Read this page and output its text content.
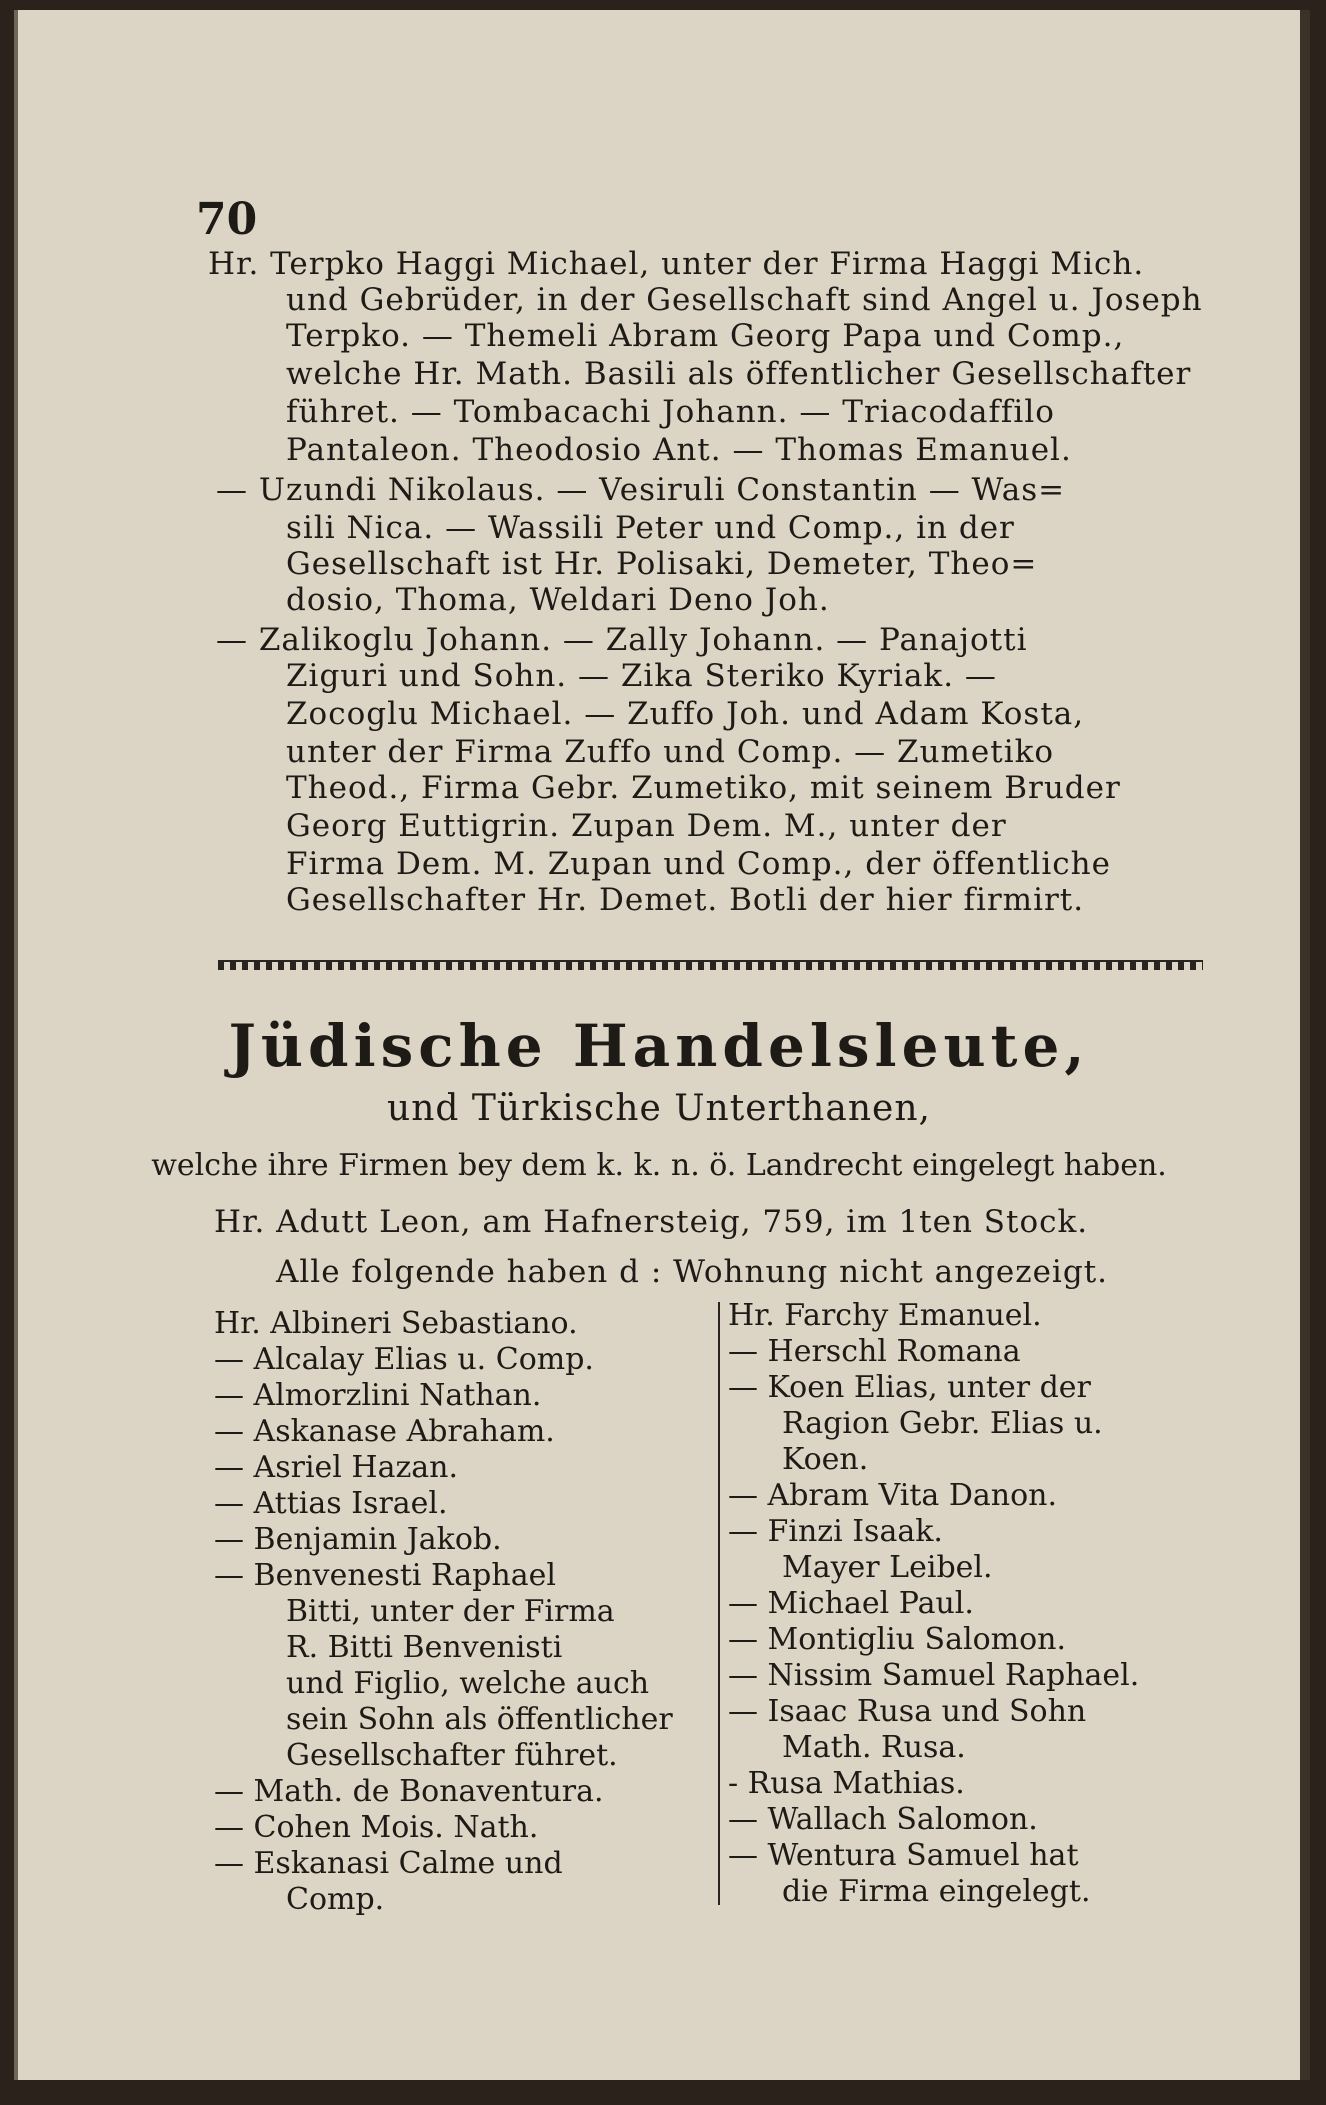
70
Hr. Terpko Haggi Michael, unter der Firma Haggi Mich.
und Gebrüder, in der Gesellschaft sind Angel u. Joseph
Terpko. — Themeli Abram Georg Papa und Comp.,
welche Hr. Math. Basili als öffentlicher Gesellschafter
führet. — Tombacachi Johann. — Triacodaffilo
Pantaleon. Theodosio Ant. — Thomas Emanuel.
— Uzundi Nikolaus. — Vesiruli Constantin — Was=
sili Nica. — Wassili Peter und Comp., in der
Gesellschaft ist Hr. Polisaki, Demeter, Theo=
dosio, Thoma, Weldari Deno Joh.
— Zalikoglu Johann. — Zally Johann. — Panajotti
Ziguri und Sohn. — Zika Steriko Kyriak. —
Zocoglu Michael. — Zuffo Joh. und Adam Kosta,
unter der Firma Zuffo und Comp. — Zumetiko
Theod., Firma Gebr. Zumetiko, mit seinem Bruder
Georg Euttigrin. Zupan Dem. M., unter der
Firma Dem. M. Zupan und Comp., der öffentliche
Gesellschafter Hr. Demet. Botli der hier firmirt.
Jüdische Handelsleute,
und Türkische Unterthanen,
welche ihre Firmen bey dem k. k. n. ö. Landrecht eingelegt haben.
Hr. Adutt Leon, am Hafnersteig, 759, im 1ten Stock.
Alle folgende haben d : Wohnung nicht angezeigt.
Hr. Albineri Sebastiano.
— Alcalay Elias u. Comp.
— Almorzlini Nathan.
— Askanase Abraham.
— Asriel Hazan.
— Attias Israel.
— Benjamin Jakob.
— Benvenesti Raphael
Bitti, unter der Firma
R. Bitti Benvenisti
und Figlio, welche auch
sein Sohn als öffentlicher
Gesellschafter führet.
— Math. de Bonaventura.
— Cohen Mois. Nath.
— Eskanasi Calme und
Comp.
Hr. Farchy Emanuel.
— Herschl Romana
— Koen Elias, unter der
Ragion Gebr. Elias u.
Koen.
— Abram Vita Danon.
— Finzi Isaak.
Mayer Leibel.
— Michael Paul.
— Montigliu Salomon.
— Nissim Samuel Raphael.
— Isaac Rusa und Sohn
Math. Rusa.
- Rusa Mathias.
— Wallach Salomon.
— Wentura Samuel hat
die Firma eingelegt.
